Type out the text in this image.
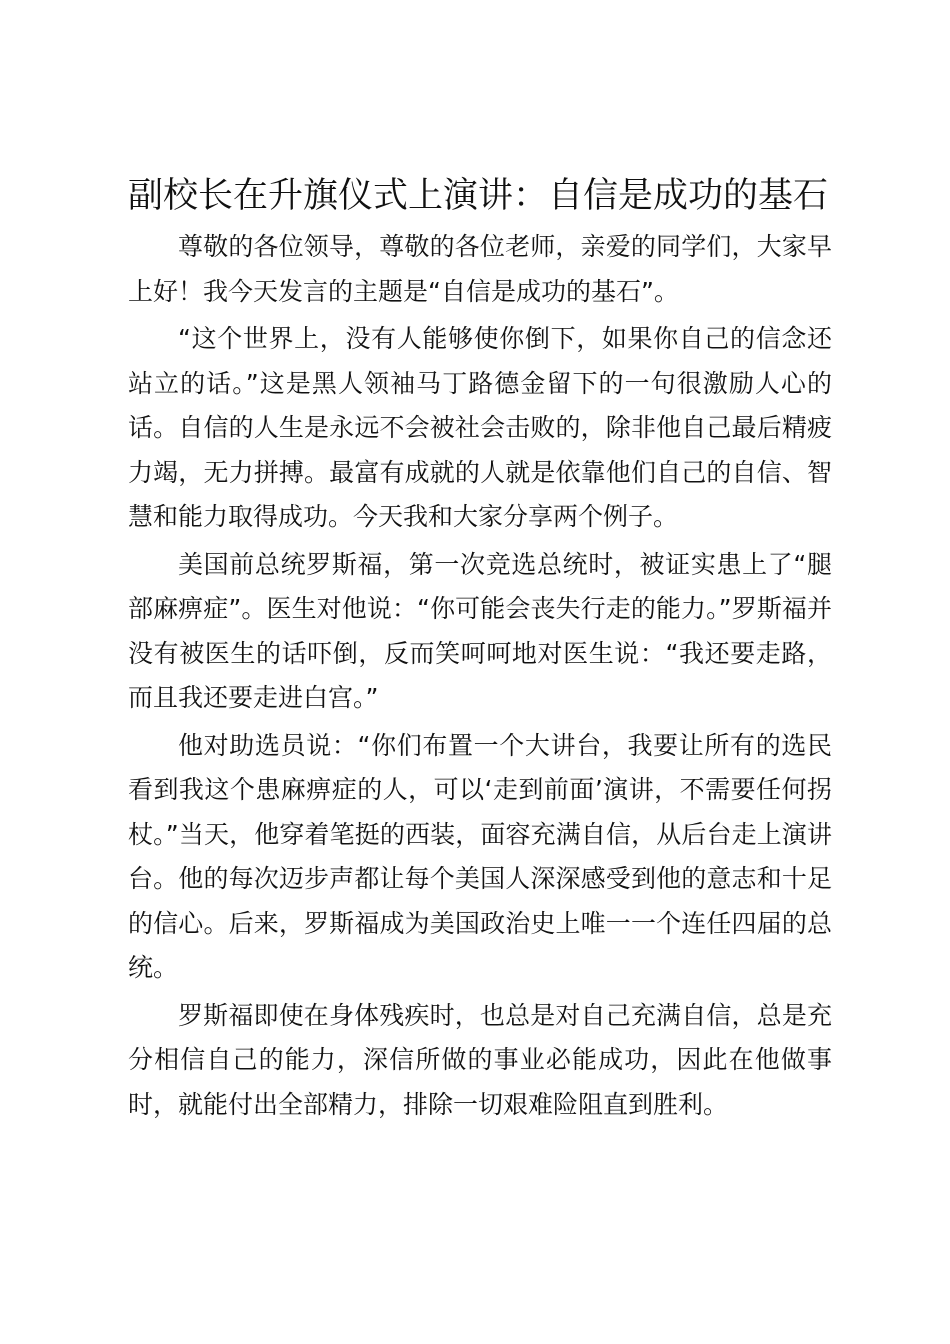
副校长在升旗仪式上演讲：自信是成功的基石

尊敬的各位领导，尊敬的各位老师，亲爱的同学们，大家早上好！我今天发言的主题是“自信是成功的基石”。

“这个世界上，没有人能够使你倒下，如果你自己的信念还站立的话。”这是黑人领袖马丁路德金留下的一句很激励人心的话。自信的人生是永远不会被社会击败的，除非他自己最后精疲力竭，无力拼搏。最富有成就的人就是依靠他们自己的自信、智慧和能力取得成功。今天我和大家分享两个例子。

美国前总统罗斯福，第一次竞选总统时，被证实患上了“腿部麻痹症”。医生对他说：“你可能会丧失行走的能力。”罗斯福并没有被医生的话吓倒，反而笑呵呵地对医生说：“我还要走路，而且我还要走进白宫。”

他对助选员说：“你们布置一个大讲台，我要让所有的选民看到我这个患麻痹症的人，可以‘走到前面’演讲，不需要任何拐杖。”当天，他穿着笔挺的西装，面容充满自信，从后台走上演讲台。他的每次迈步声都让每个美国人深深感受到他的意志和十足的信心。后来，罗斯福成为美国政治史上唯一一个连任四届的总统。

罗斯福即使在身体残疾时，也总是对自己充满自信，总是充分相信自己的能力，深信所做的事业必能成功，因此在他做事时，就能付出全部精力，排除一切艰难险阻直到胜利。
